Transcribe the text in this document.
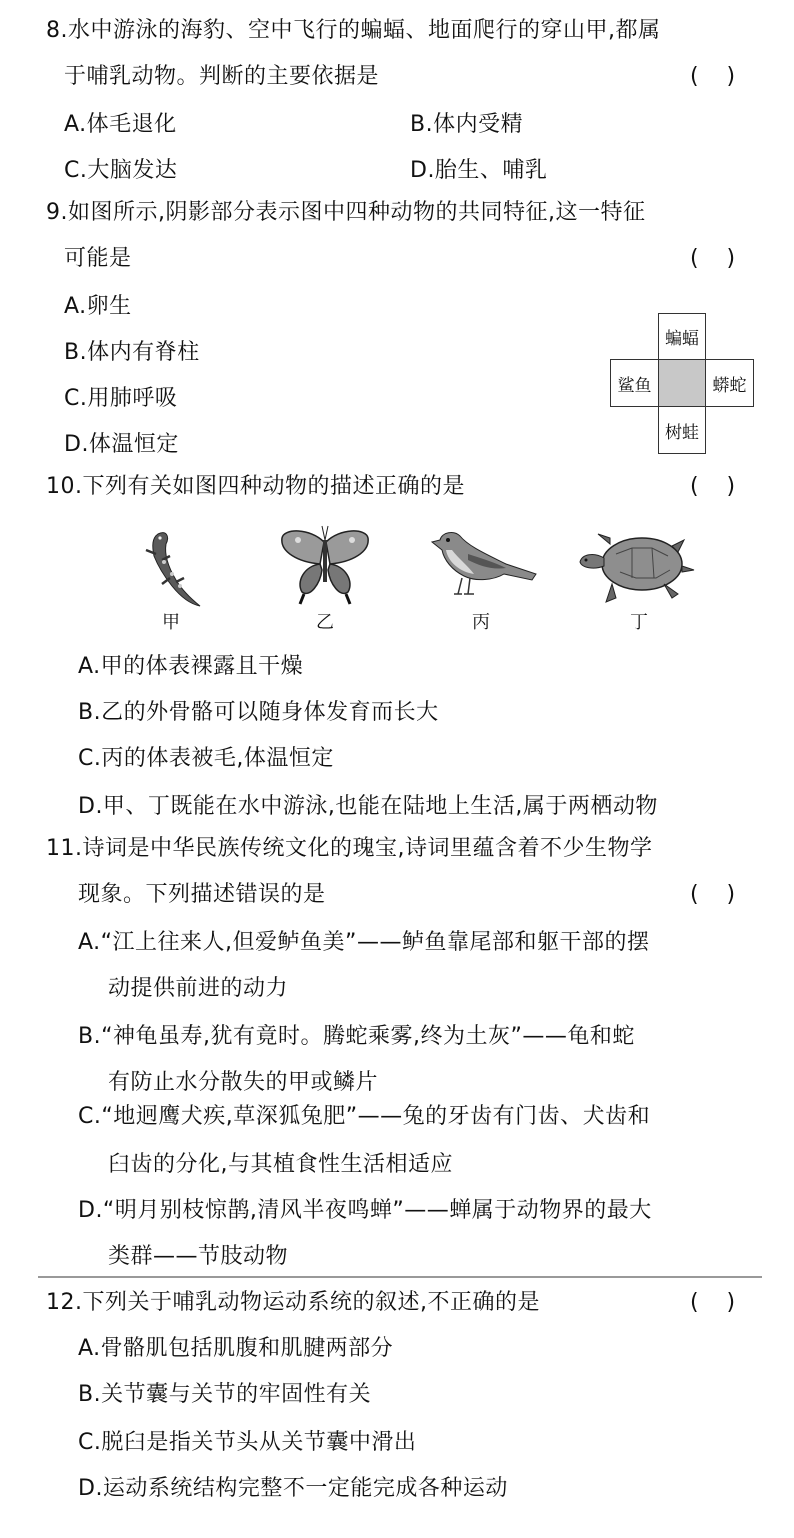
8.水中游泳的海豹、空中飞行的蝙蝠、地面爬行的穿山甲,都属
于哺乳动物。判断的主要依据是	(    )
A.体毛退化	B.体内受精
C.大脑发达	D.胎生、哺乳
9.如图所示,阴影部分表示图中四种动物的共同特征,这一特征
可能是	(    )
A.卵生
B.体内有脊柱
C.用肺呼吸
D.体温恒定
蝙蝠
鲨鱼	蟒蛇
树蛙
10.下列有关如图四种动物的描述正确的是	(    )
甲	乙	丙	丁
A.甲的体表裸露且干燥
B.乙的外骨骼可以随身体发育而长大
C.丙的体表被毛,体温恒定
D.甲、丁既能在水中游泳,也能在陆地上生活,属于两栖动物
11.诗词是中华民族传统文化的瑰宝,诗词里蕴含着不少生物学
现象。下列描述错误的是	(    )
A.“江上往来人,但爱鲈鱼美”——鲈鱼靠尾部和躯干部的摆
动提供前进的动力
B.“神龟虽寿,犹有竟时。腾蛇乘雾,终为土灰”——龟和蛇
有防止水分散失的甲或鳞片
C.“地迥鹰犬疾,草深狐兔肥”——兔的牙齿有门齿、犬齿和
臼齿的分化,与其植食性生活相适应
D.“明月别枝惊鹊,清风半夜鸣蝉”——蝉属于动物界的最大
类群——节肢动物
12.下列关于哺乳动物运动系统的叙述,不正确的是	(    )
A.骨骼肌包括肌腹和肌腱两部分
B.关节囊与关节的牢固性有关
C.脱臼是指关节头从关节囊中滑出
D.运动系统结构完整不一定能完成各种运动
